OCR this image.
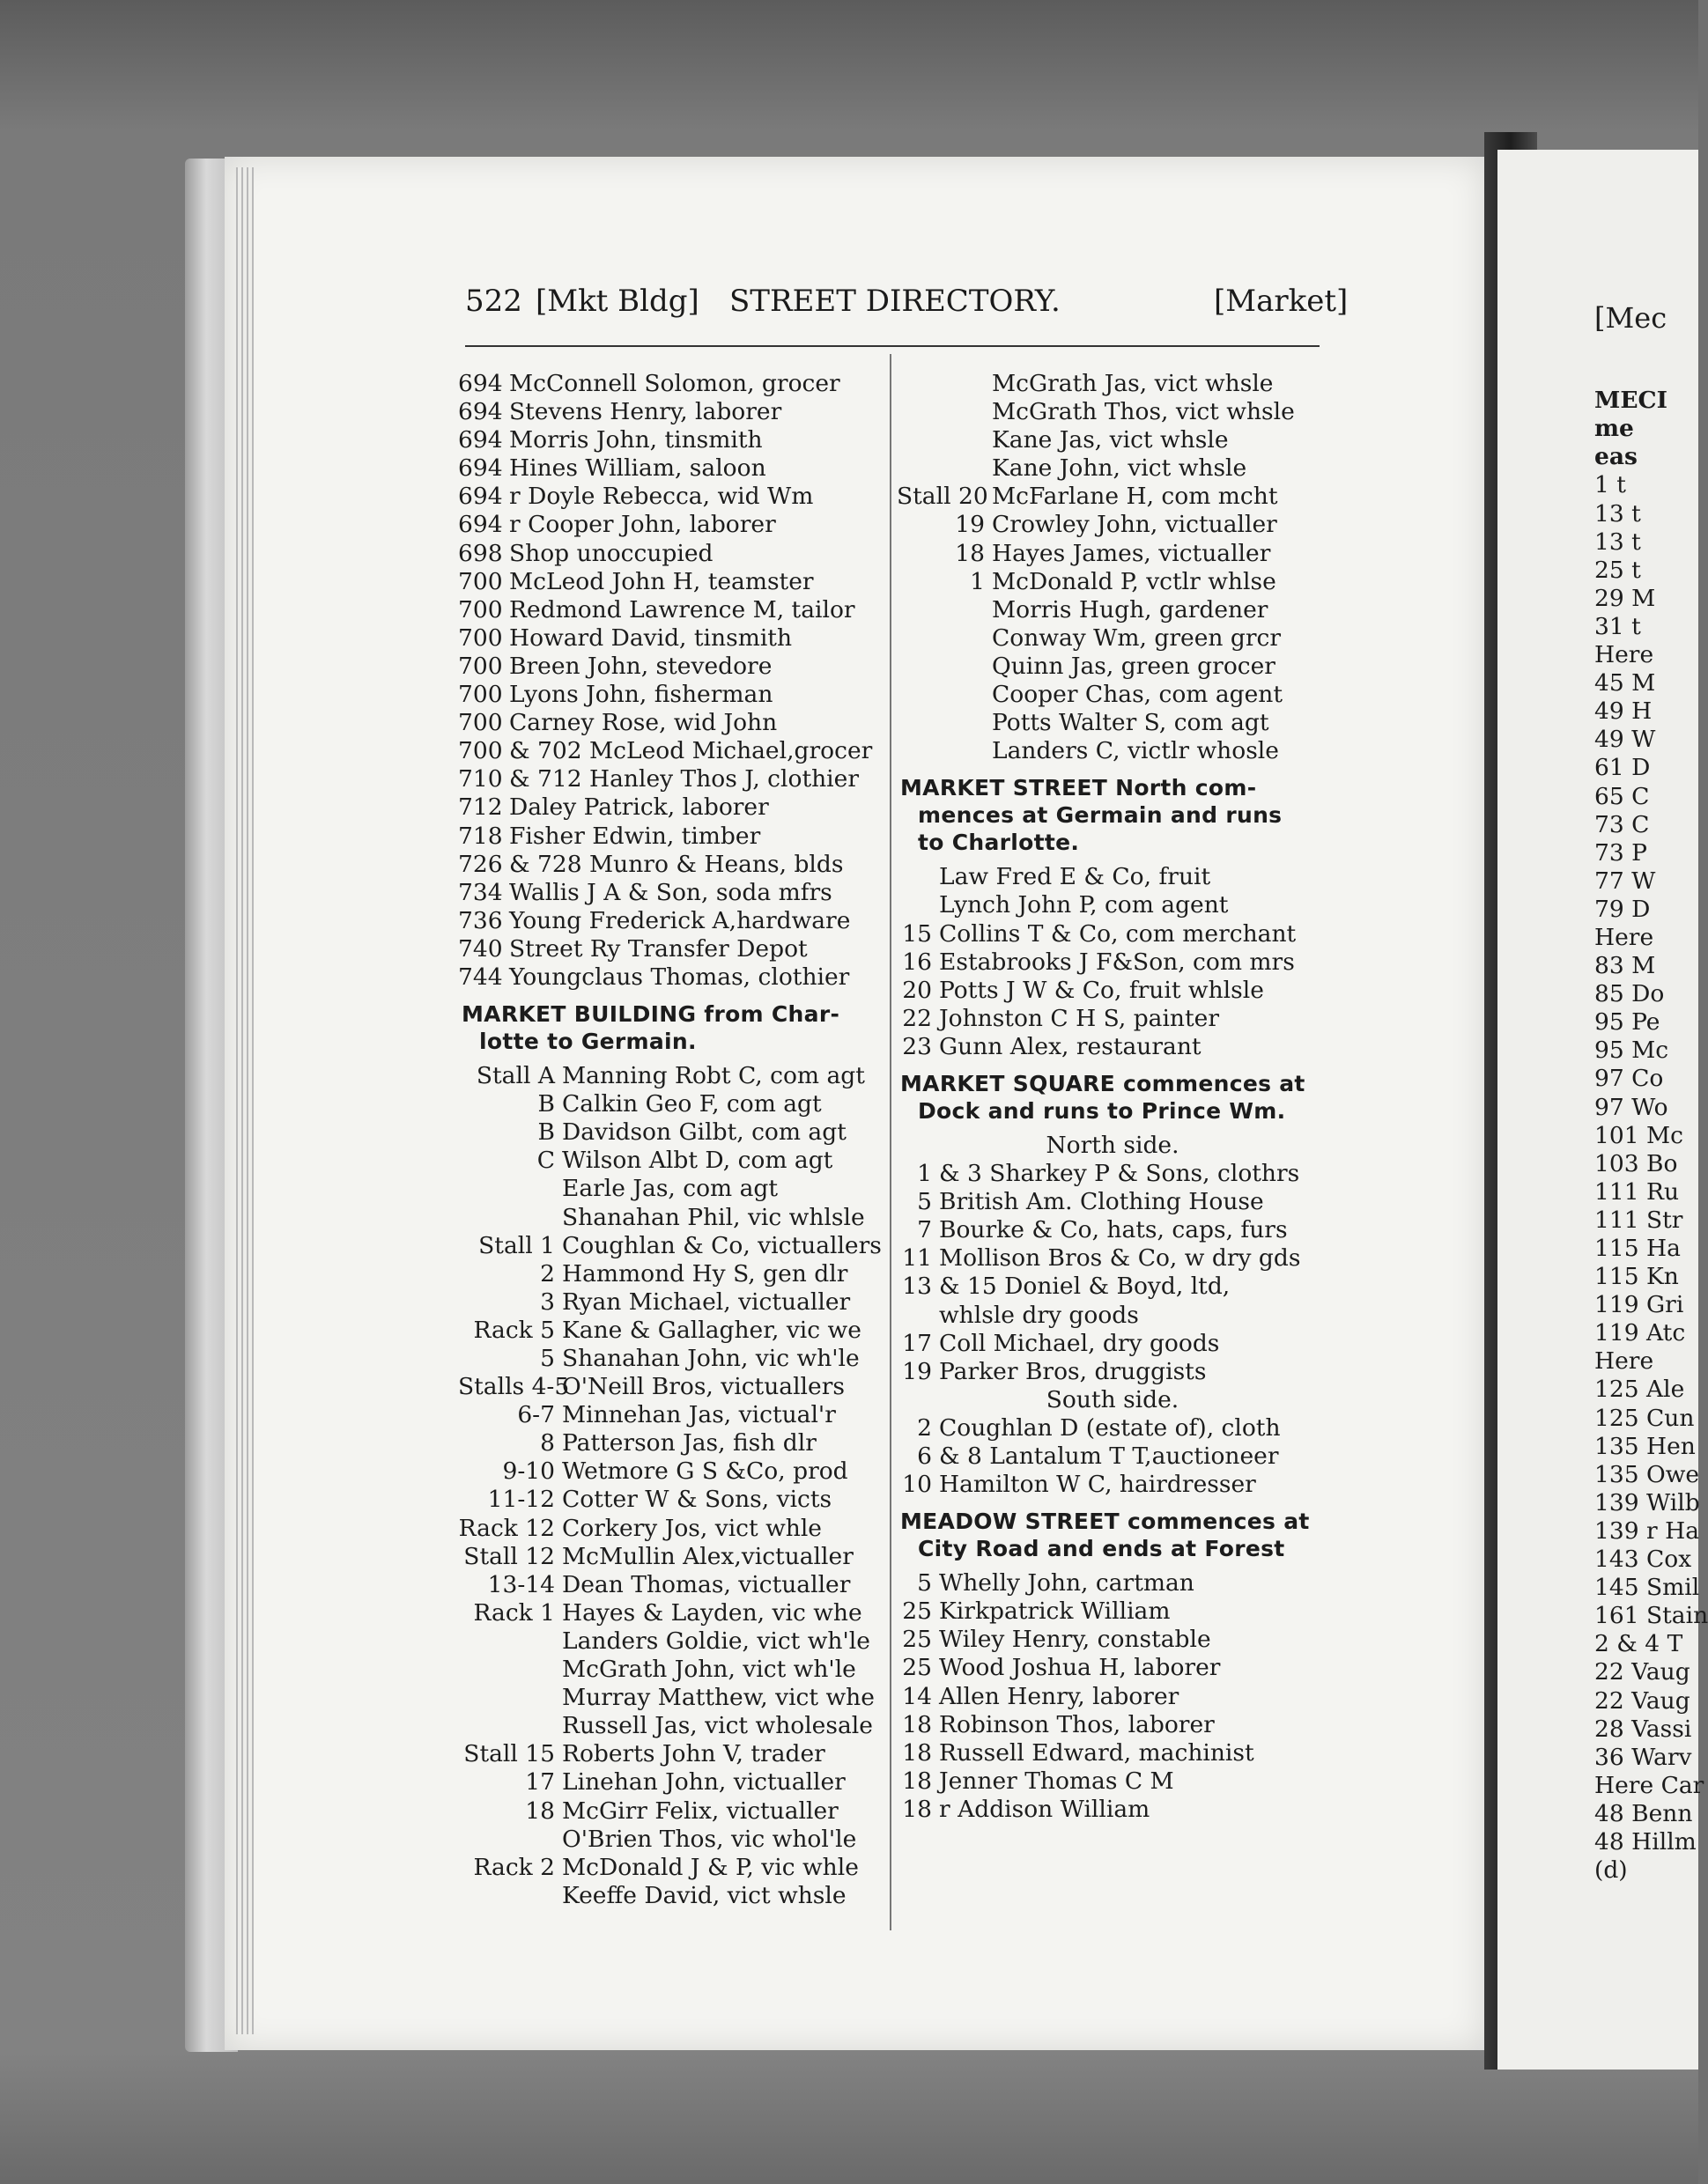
522 [Mkt Bldg] STREET DIRECTORY.	[Market]
694 McConnell Solomon, grocer
694 Stevens Henry, laborer
694 Morris John, tinsmith
694 Hines William, saloon
694 r Doyle Rebecca, wid Wm
694 r Cooper John, laborer
698 Shop unoccupied
700 McLeod John H, teamster
700 Redmond Lawrence M, tailor
700 Howard David, tinsmith
700 Breen John, stevedore
700 Lyons John, fisherman
700 Carney Rose, wid John
700 & 702 McLeod Michael,grocer
710 & 712 Hanley Thos J, clothier
712 Daley Patrick, laborer
718 Fisher Edwin, timber
726 & 728 Munro & Heans, blds
734 Wallis J A & Son, soda mfrs
736 Young Frederick A,hardware
740 Street Ry Transfer Depot
744 Youngclaus Thomas, clothier
MARKET BUILDING from Char-
lotte to Germain.
Stall A Manning Robt C, com agt
B Calkin Geo F, com agt
B Davidson Gilbt, com agt
C Wilson Albt D, com agt
Earle Jas, com agt
Shanahan Phil, vic whlsle
Stall 1 Coughlan & Co, victuallers
2 Hammond Hy S, gen dlr
3 Ryan Michael, victualler
Rack 5 Kane & Gallagher, vic we
5 Shanahan John, vic wh'le
Stalls 4-5
O'Neill Bros, victuallers
6-7 Minnehan Jas, victual'r
8 Patterson Jas, fish dlr
9-10 Wetmore G S &Co, prod
11-12 Cotter W & Sons, victs
Rack 12 Corkery Jos, vict whle
Stall 12 McMullin Alex,victualler
13-14 Dean Thomas, victualler
Rack 1 Hayes & Layden, vic whe
Landers Goldie, vict wh'le
McGrath John, vict wh'le
Murray Matthew, vict whe
Russell Jas, vict wholesale
Stall 15 Roberts John V, trader
17 Linehan John, victualler
18 McGirr Felix, victualler
O'Brien Thos, vic whol'le
Rack 2 McDonald J & P, vic whle
Keeffe David, vict whsle
McGrath Jas, vict whsle
McGrath Thos, vict whsle
Kane Jas, vict whsle
Kane John, vict whsle
Stall 20 McFarlane H, com mcht
19 Crowley John, victualler
18 Hayes James, victualler
1 McDonald P, vctlr whlse
Morris Hugh, gardener
Conway Wm, green grcr
Quinn Jas, green grocer
Cooper Chas, com agent
Potts Walter S, com agt
Landers C, victlr whosle
MARKET STREET North com-
mences at Germain and runs
to Charlotte.
Law Fred E & Co, fruit
Lynch John P, com agent
15 Collins T & Co, com merchant
16 Estabrooks J F&Son, com mrs
20 Potts J W & Co, fruit whlsle
22 Johnston C H S, painter
23 Gunn Alex, restaurant
MARKET SQUARE commences at
Dock and runs to Prince Wm.
North side.
1 & 3 Sharkey P & Sons, clothrs
5 British Am. Clothing House
7 Bourke & Co, hats, caps, furs
11 Mollison Bros & Co, w dry gds
13 & 15 Doniel & Boyd, ltd,
whlsle dry goods
17 Coll Michael, dry goods
19 Parker Bros, druggists
South side.
2 Coughlan D (estate of), cloth
6 & 8 Lantalum T T,auctioneer
10 Hamilton W C, hairdresser
MEADOW STREET commences at
City Road and ends at Forest
5 Whelly John, cartman
25 Kirkpatrick William
25 Wiley Henry, constable
25 Wood Joshua H, laborer
14 Allen Henry, laborer
18 Robinson Thos, laborer
18 Russell Edward, machinist
18 Jenner Thomas C M
18 r Addison William
[Mec
MECI
me
eas
1 t
13 t
13 t
25 t
29 M
31 t
Here
45 M
49 H
49 W
61 D
65 C
73 C
73 P
77 W
79 D
Here
83 M
85 Do
95 Pe
95 Mc
97 Co
97 Wo
101 Mc
103 Bo
111 Ru
111 Str
115 Ha
115 Kn
119 Gri
119 Atc
Here
125 Ale
125 Cun
135 Hen
135 Owe
139 Wilb
139 r Ha
143 Cox
145 Smil
161 Stain
2 & 4 T
22 Vaug
22 Vaug
28 Vassi
36 Warv
Here Car
48 Benn
48 Hillm
(d)
